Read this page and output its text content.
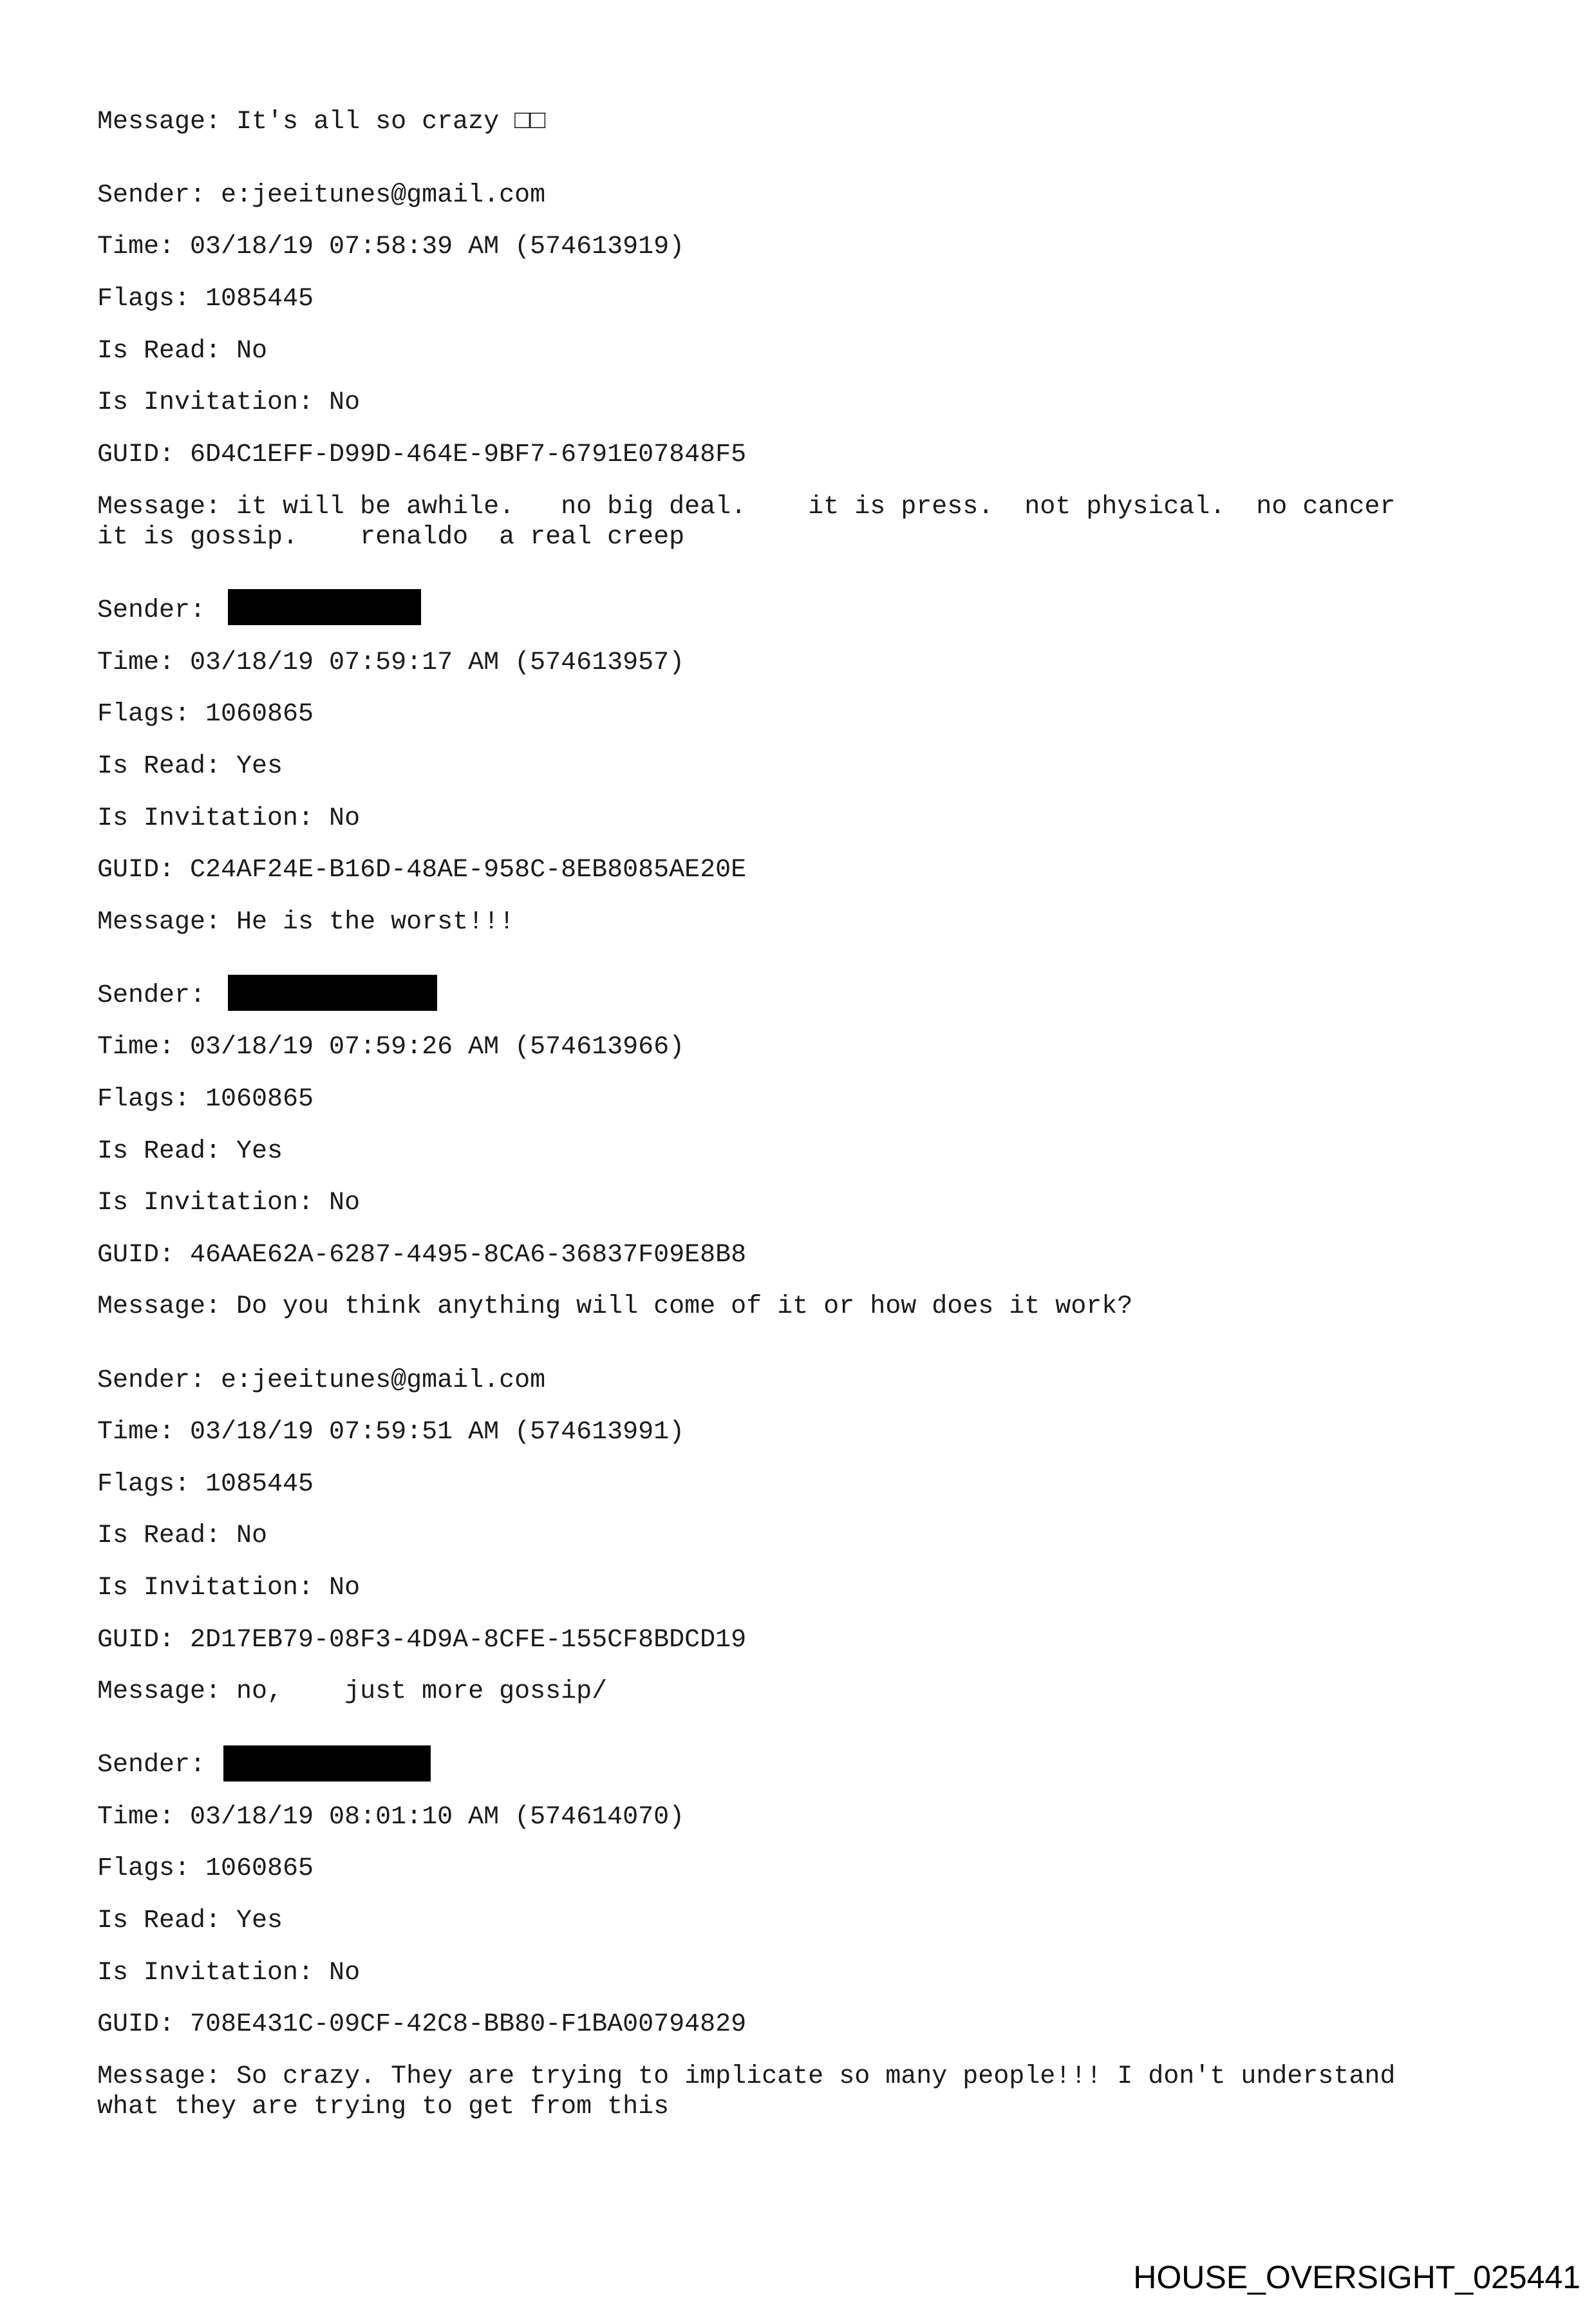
Message: It's all so crazy □□
Sender: e:jeeitunes@gmail.com
Time: 03/18/19 07:58:39 AM (574613919)
Flags: 1085445
Is Read: No
Is Invitation: No
GUID: 6D4C1EFF-D99D-464E-9BF7-6791E07848F5
Message: it will be awhile.   no big deal.    it is press.  not physical.  no cancer
it is gossip.    renaldo  a real creep
Sender:
Time: 03/18/19 07:59:17 AM (574613957)
Flags: 1060865
Is Read: Yes
Is Invitation: No
GUID: C24AF24E-B16D-48AE-958C-8EB8085AE20E
Message: He is the worst!!!
Sender:
Time: 03/18/19 07:59:26 AM (574613966)
Flags: 1060865
Is Read: Yes
Is Invitation: No
GUID: 46AAE62A-6287-4495-8CA6-36837F09E8B8
Message: Do you think anything will come of it or how does it work?
Sender: e:jeeitunes@gmail.com
Time: 03/18/19 07:59:51 AM (574613991)
Flags: 1085445
Is Read: No
Is Invitation: No
GUID: 2D17EB79-08F3-4D9A-8CFE-155CF8BDCD19
Message: no,    just more gossip/
Sender:
Time: 03/18/19 08:01:10 AM (574614070)
Flags: 1060865
Is Read: Yes
Is Invitation: No
GUID: 708E431C-09CF-42C8-BB80-F1BA00794829
Message: So crazy. They are trying to implicate so many people!!! I don't understand
what they are trying to get from this
HOUSE_OVERSIGHT_025441
